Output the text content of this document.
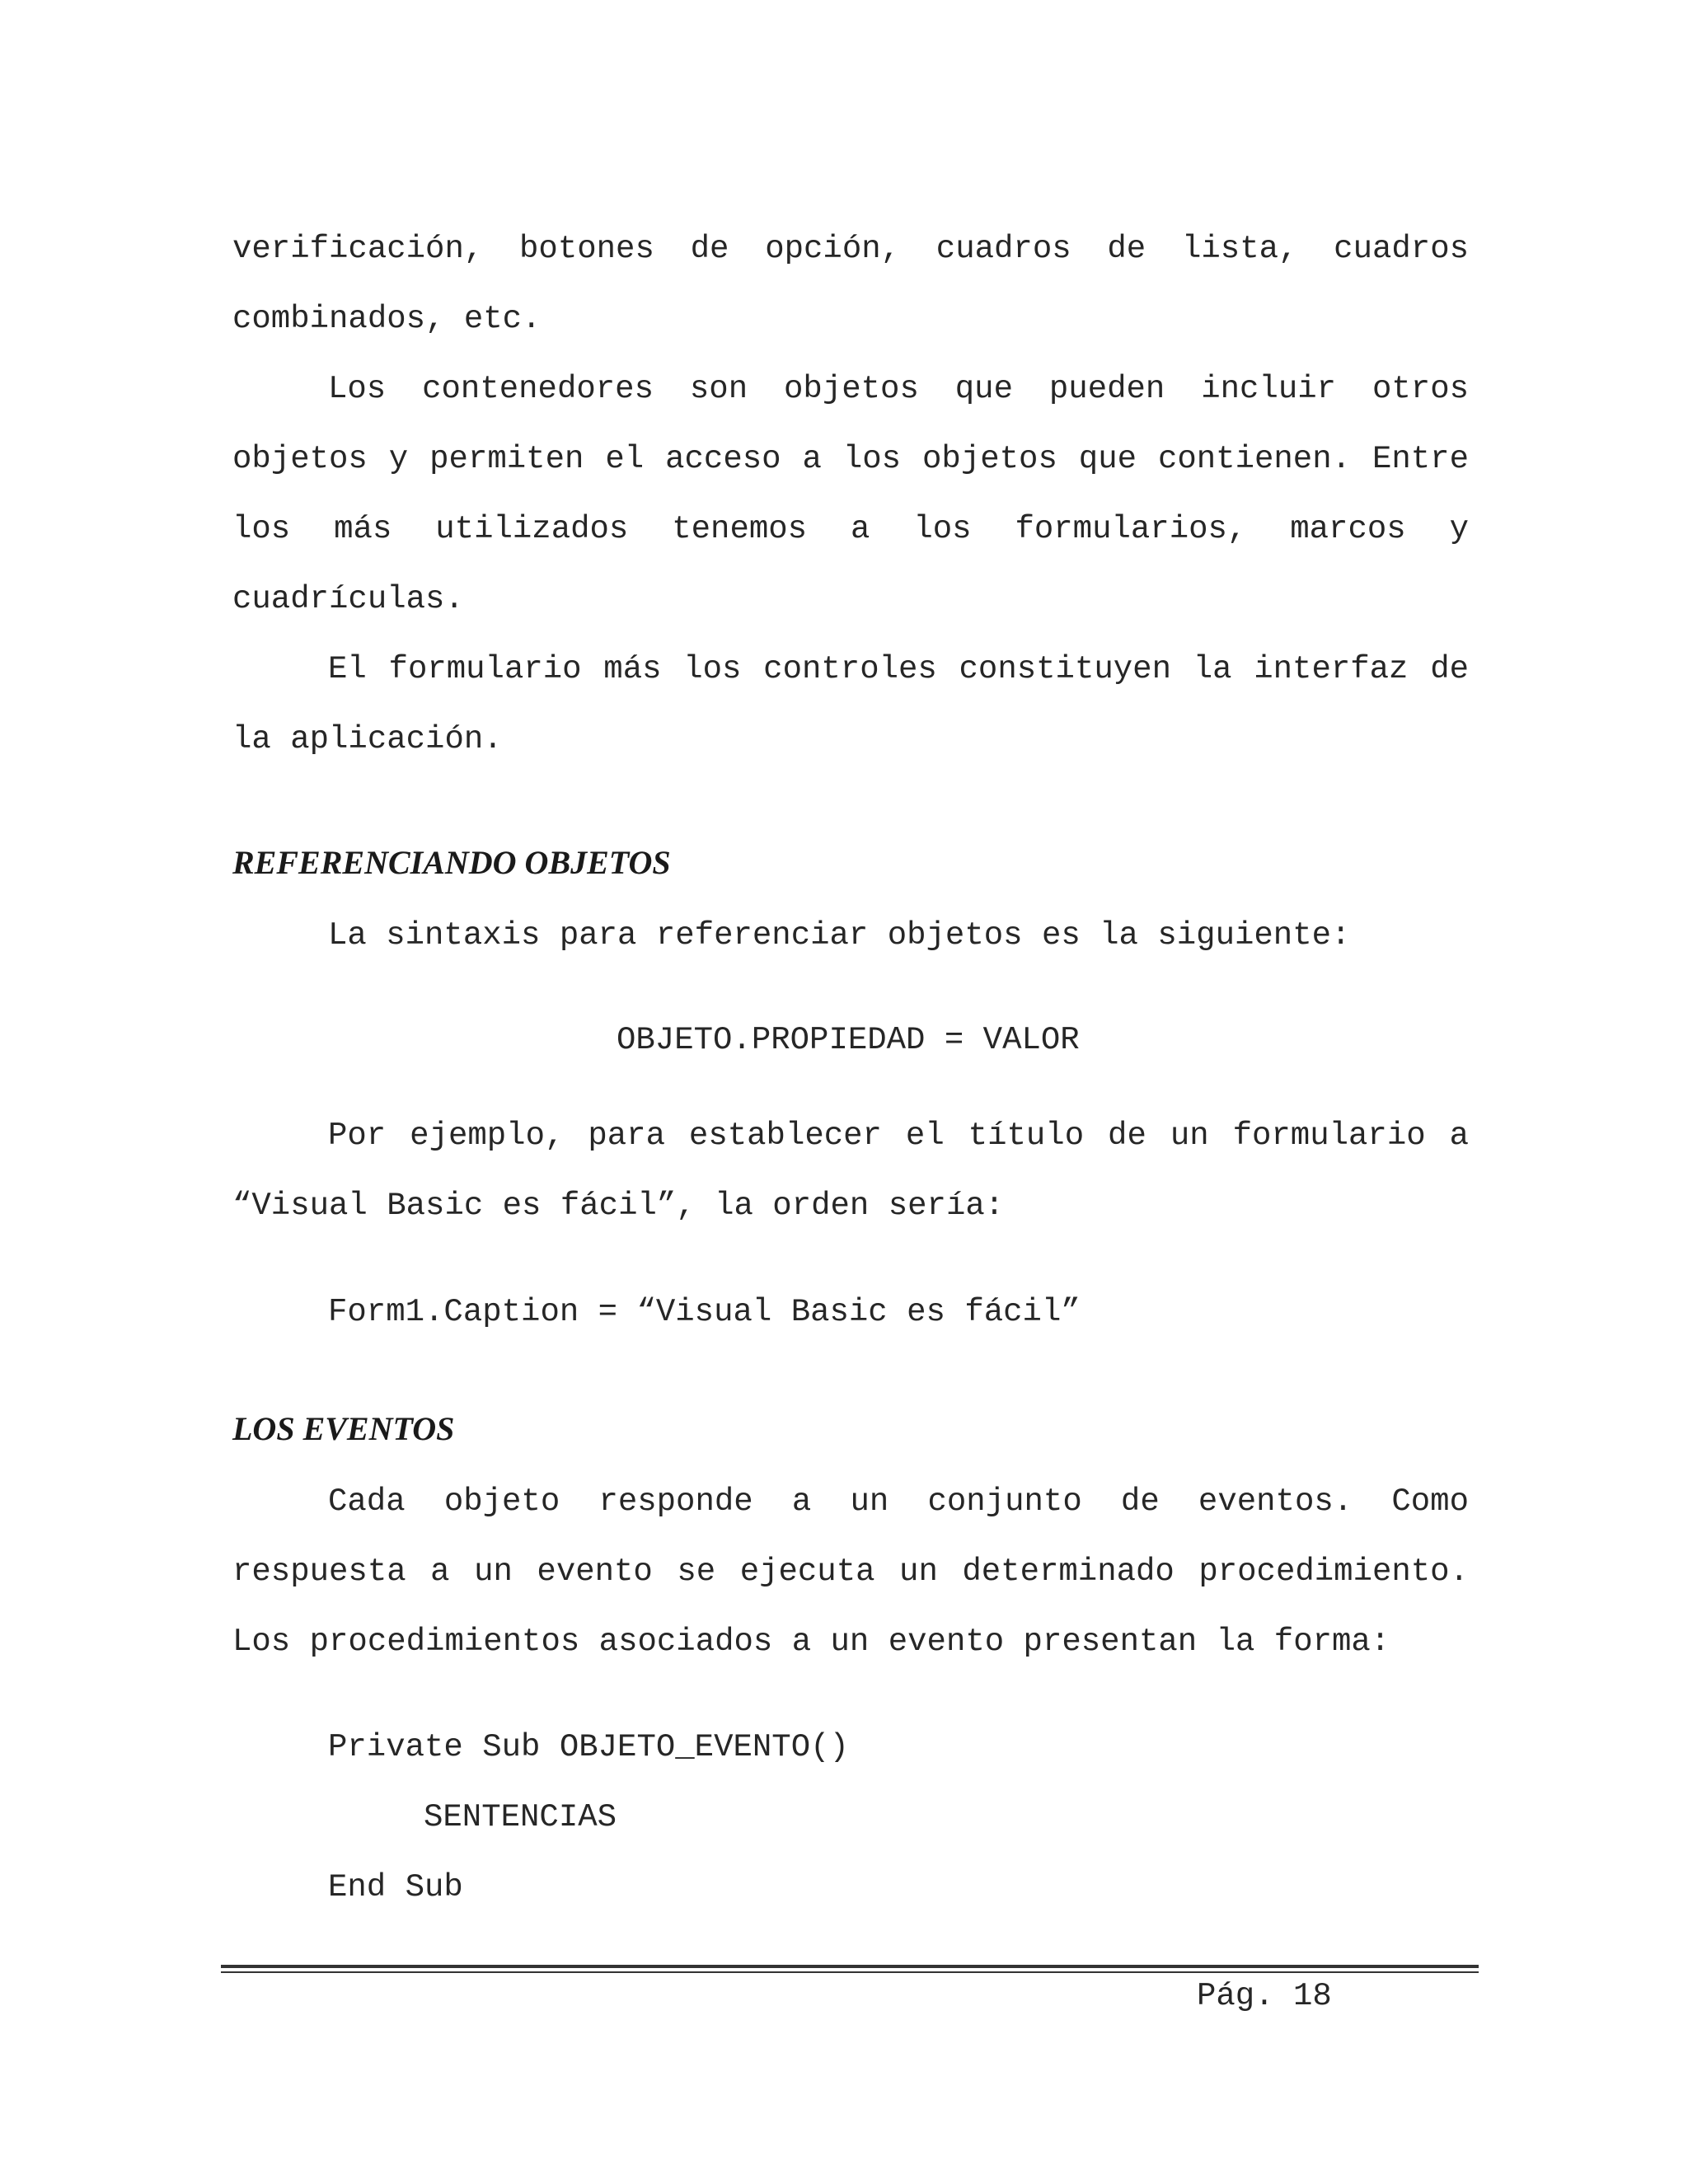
verificación, botones de opción, cuadros de lista, cuadros combinados, etc.

Los contenedores son objetos que pueden incluir otros objetos y permiten el acceso a los objetos que contienen. Entre los más utilizados tenemos a los formularios, marcos y cuadrículas.

El formulario más los controles constituyen la interfaz de la aplicación.

REFERENCIANDO OBJETOS

La sintaxis para referenciar objetos es la siguiente:

OBJETO.PROPIEDAD = VALOR

Por ejemplo, para establecer el título de un formulario a “Visual Basic es fácil”, la orden sería:

Form1.Caption = “Visual Basic es fácil”

LOS EVENTOS

Cada objeto responde a un conjunto de eventos. Como respuesta a un evento se ejecuta un determinado procedimiento. Los procedimientos asociados a un evento presentan la forma:

Private Sub OBJETO_EVENTO()

SENTENCIAS

End Sub

Pág. 18
